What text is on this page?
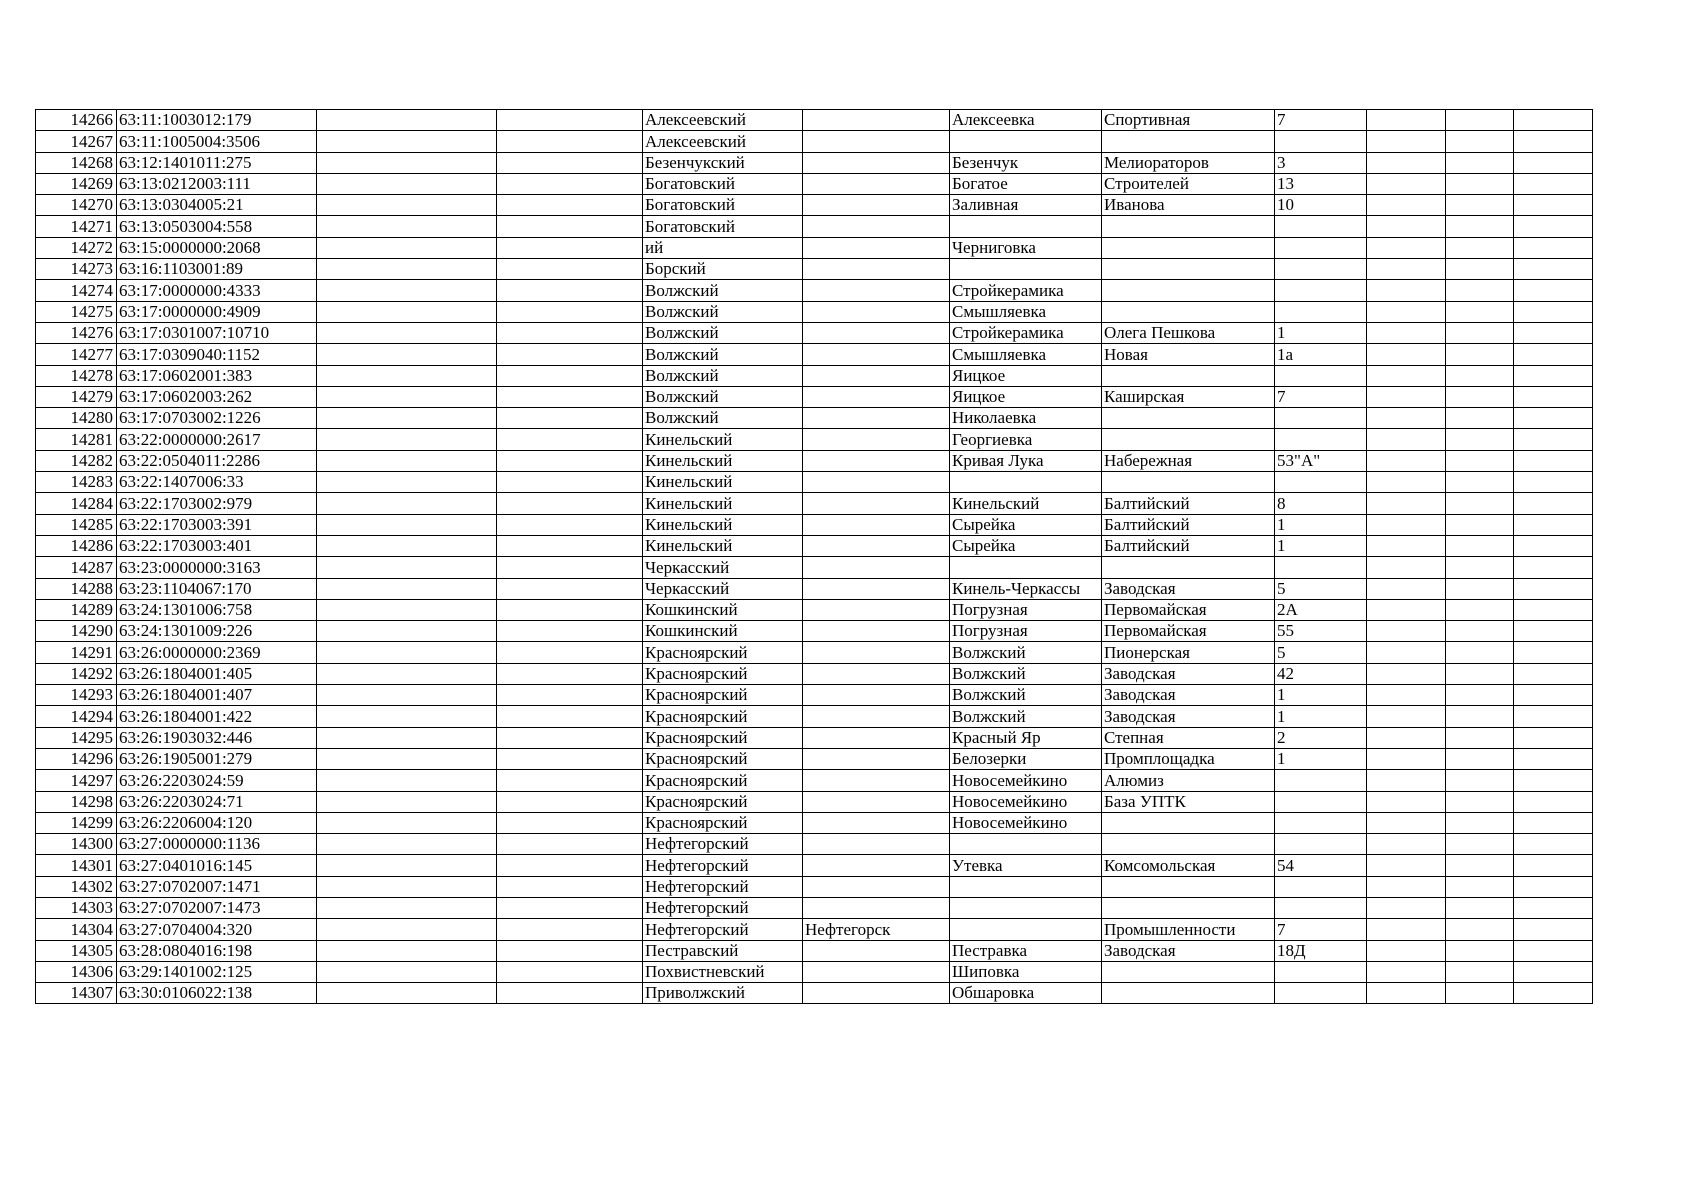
14266	63:11:1003012:179			Алексеевский		Алексеевка	Спортивная	7			
14267	63:11:1005004:3506			Алексеевский							
14268	63:12:1401011:275			Безенчукский		Безенчук	Мелиораторов	3			
14269	63:13:0212003:111			Богатовский		Богатое	Строителей	13			
14270	63:13:0304005:21			Богатовский		Заливная	Иванова	10			
14271	63:13:0503004:558			Богатовский							
14272	63:15:0000000:2068			ий		Черниговка					
14273	63:16:1103001:89			Борский							
14274	63:17:0000000:4333			Волжский		Стройкерамика					
14275	63:17:0000000:4909			Волжский		Смышляевка					
14276	63:17:0301007:10710			Волжский		Стройкерамика	Олега Пешкова	1			
14277	63:17:0309040:1152			Волжский		Смышляевка	Новая	1а			
14278	63:17:0602001:383			Волжский		Яицкое					
14279	63:17:0602003:262			Волжский		Яицкое	Каширская	7			
14280	63:17:0703002:1226			Волжский		Николаевка					
14281	63:22:0000000:2617			Кинельский		Георгиевка					
14282	63:22:0504011:2286			Кинельский		Кривая Лука	Набережная	53"А"			
14283	63:22:1407006:33			Кинельский							
14284	63:22:1703002:979			Кинельский		Кинельский	Балтийский	8			
14285	63:22:1703003:391			Кинельский		Сырейка	Балтийский	1			
14286	63:22:1703003:401			Кинельский		Сырейка	Балтийский	1			
14287	63:23:0000000:3163			Черкасский							
14288	63:23:1104067:170			Черкасский		Кинель-Черкассы	Заводская	5			
14289	63:24:1301006:758			Кошкинский		Погрузная	Первомайская	2А			
14290	63:24:1301009:226			Кошкинский		Погрузная	Первомайская	55			
14291	63:26:0000000:2369			Красноярский		Волжский	Пионерская	5			
14292	63:26:1804001:405			Красноярский		Волжский	Заводская	42			
14293	63:26:1804001:407			Красноярский		Волжский	Заводская	1			
14294	63:26:1804001:422			Красноярский		Волжский	Заводская	1			
14295	63:26:1903032:446			Красноярский		Красный Яр	Степная	2			
14296	63:26:1905001:279			Красноярский		Белозерки	Промплощадка	1			
14297	63:26:2203024:59			Красноярский		Новосемейкино	Алюмиз				
14298	63:26:2203024:71			Красноярский		Новосемейкино	База УПТК				
14299	63:26:2206004:120			Красноярский		Новосемейкино					
14300	63:27:0000000:1136			Нефтегорский							
14301	63:27:0401016:145			Нефтегорский		Утевка	Комсомольская	54			
14302	63:27:0702007:1471			Нефтегорский							
14303	63:27:0702007:1473			Нефтегорский							
14304	63:27:0704004:320			Нефтегорский	Нефтегорск		Промышленности	7			
14305	63:28:0804016:198			Пестравский		Пестравка	Заводская	18Д			
14306	63:29:1401002:125			Похвистневский		Шиповка					
14307	63:30:0106022:138			Приволжский		Обшаровка					
